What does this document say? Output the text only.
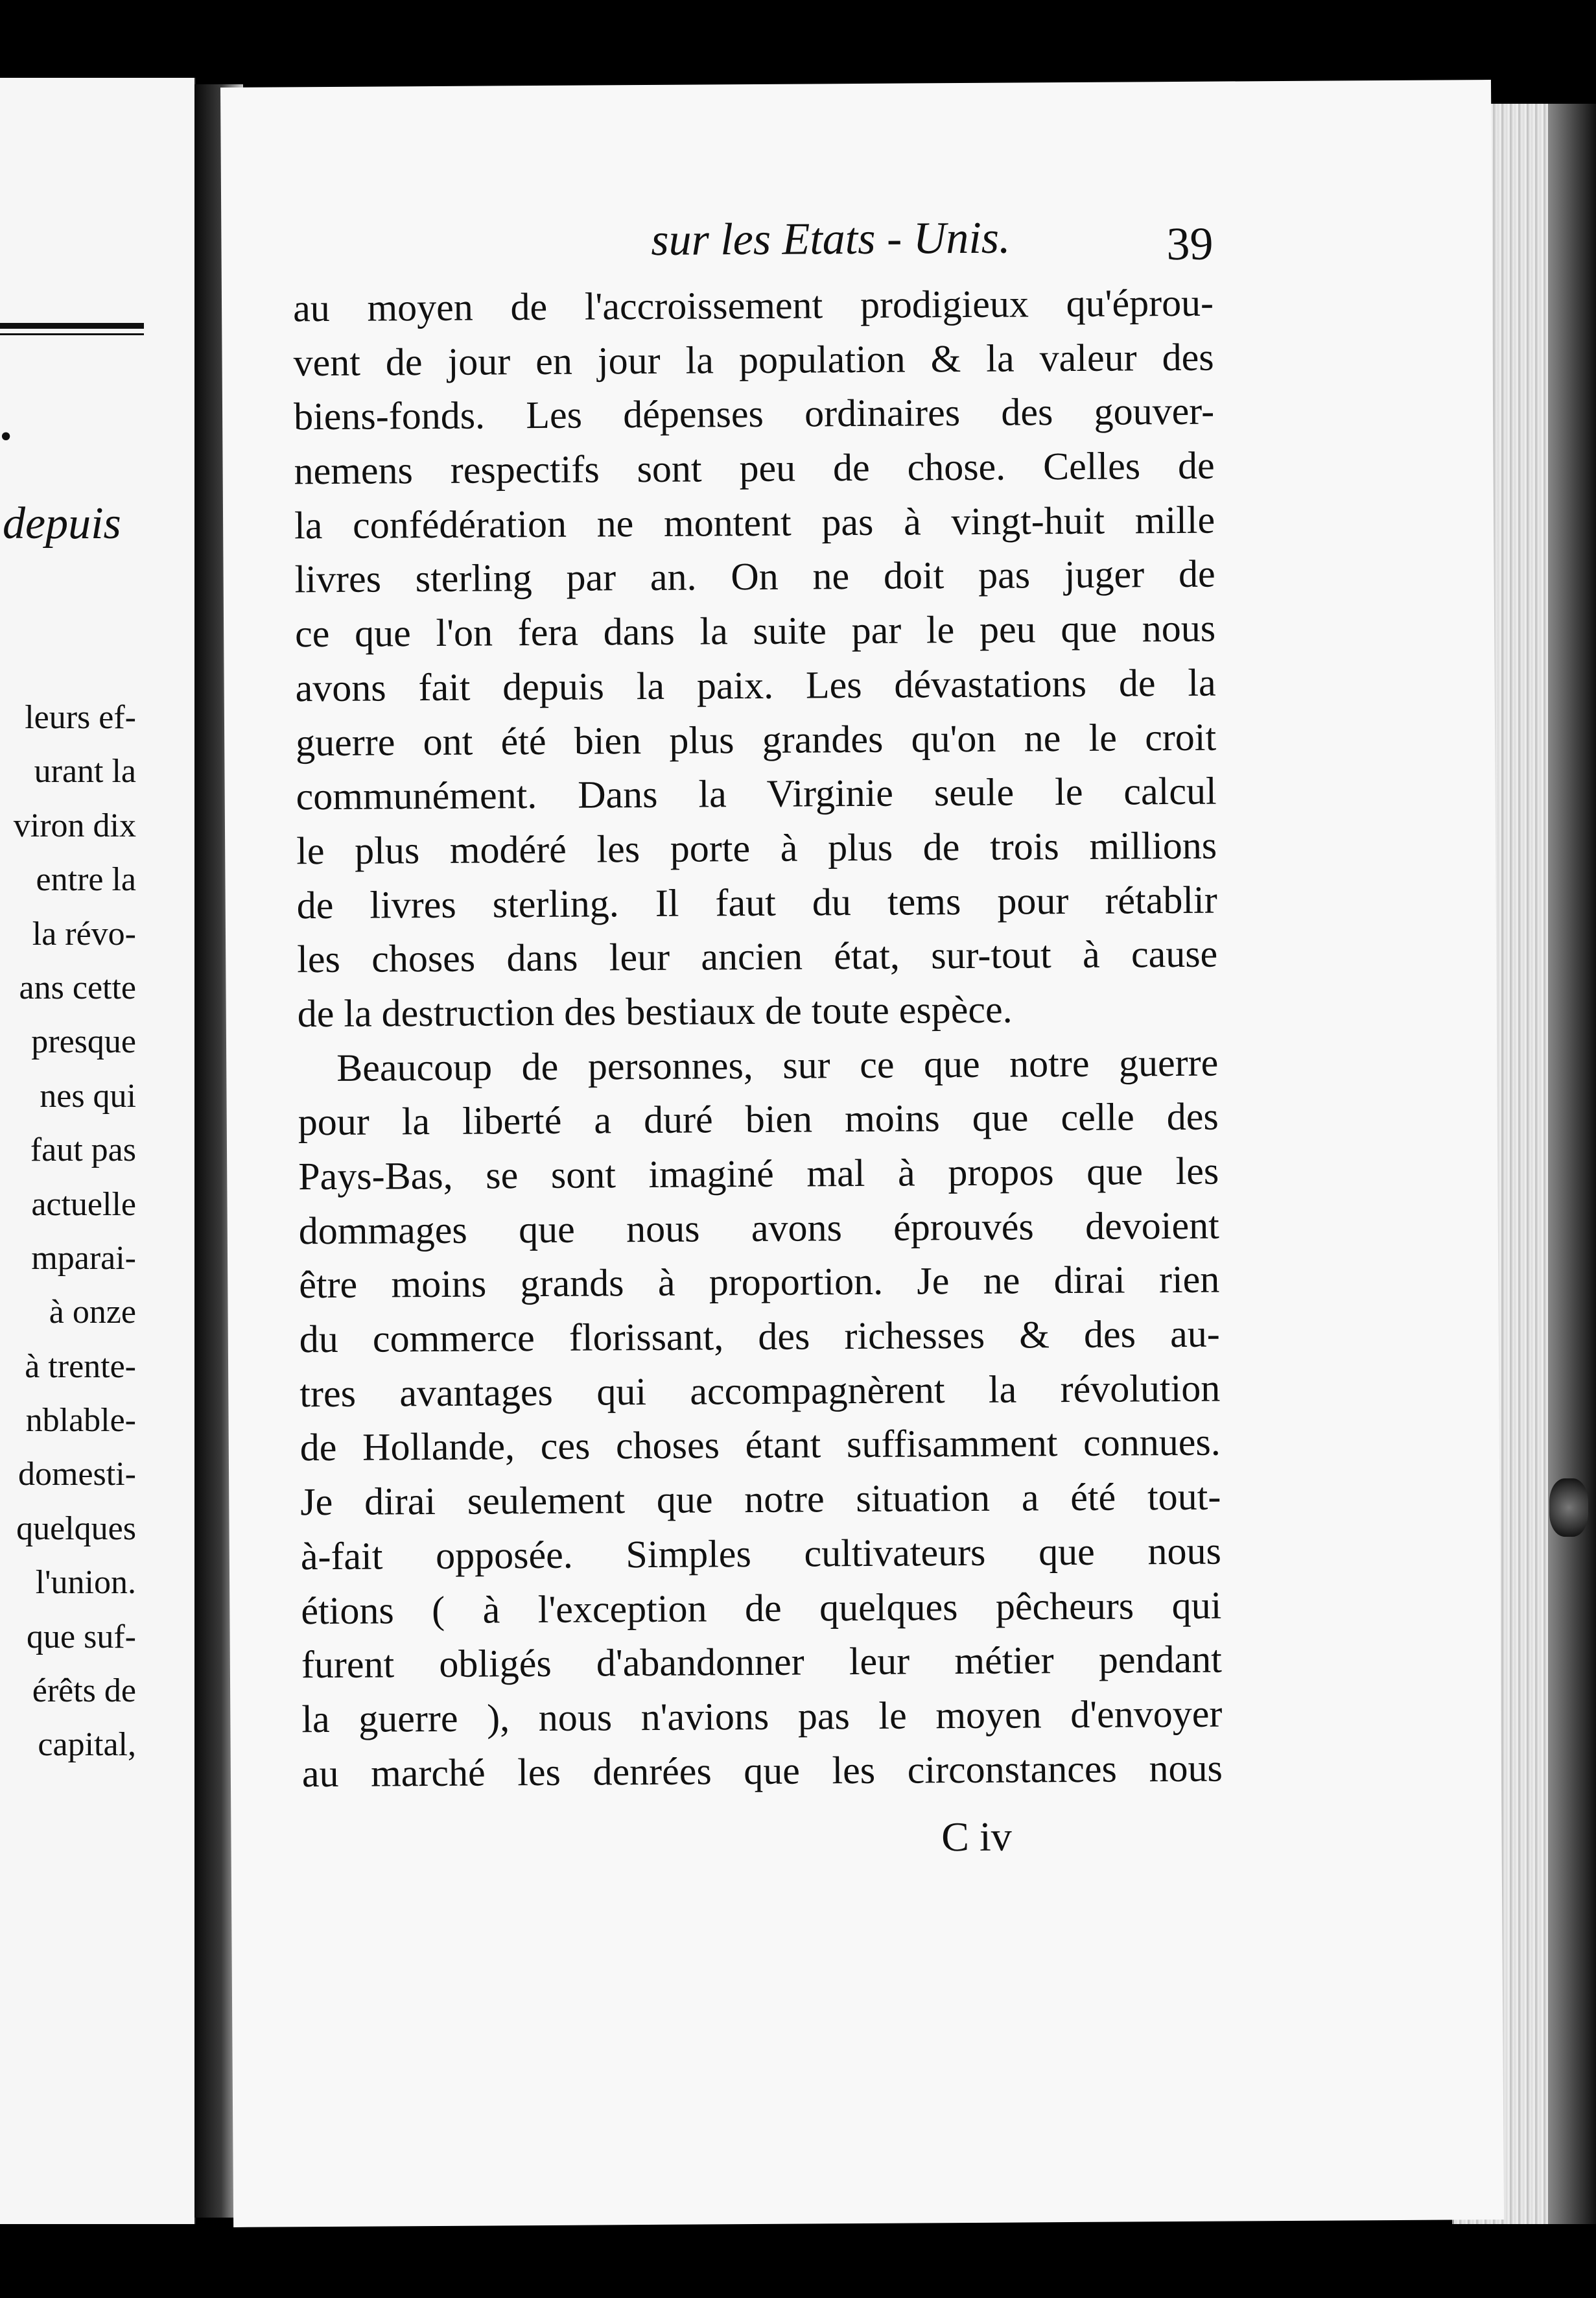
•
depuis
leurs ef-
urant la
viron dix
entre la
la révo-
ans cette
presque
nes qui
faut pas
actuelle
mparai-
à onze
à trente-
nblable-
domesti-
quelques
l'union.
que suf-
érêts de
capital,
sur les Etats - Unis.	39
au moyen de l'accroissement prodigieux qu'éprou-
vent de jour en jour la population & la valeur des
biens-fonds. Les dépenses ordinaires des gouver-
nemens respectifs sont peu de chose. Celles de
la confédération ne montent pas à vingt-huit mille
livres sterling par an. On ne doit pas juger de
ce que l'on fera dans la suite par le peu que nous
avons fait depuis la paix. Les dévastations de la
guerre ont été bien plus grandes qu'on ne le croit
communément. Dans la Virginie seule le calcul
le plus modéré les porte à plus de trois millions
de livres sterling. Il faut du tems pour rétablir
les choses dans leur ancien état, sur-tout à cause
de la destruction des bestiaux de toute espèce.
Beaucoup de personnes, sur ce que notre guerre
pour la liberté a duré bien moins que celle des
Pays-Bas, se sont imaginé mal à propos que les
dommages que nous avons éprouvés devoient
être moins grands à proportion. Je ne dirai rien
du commerce florissant, des richesses & des au-
tres avantages qui accompagnèrent la révolution
de Hollande, ces choses étant suffisamment connues.
Je dirai seulement que notre situation a été tout-
à-fait opposée. Simples cultivateurs que nous
étions ( à l'exception de quelques pêcheurs qui
furent obligés d'abandonner leur métier pendant
la guerre ), nous n'avions pas le moyen d'envoyer
au marché les denrées que les circonstances nous
C iv
